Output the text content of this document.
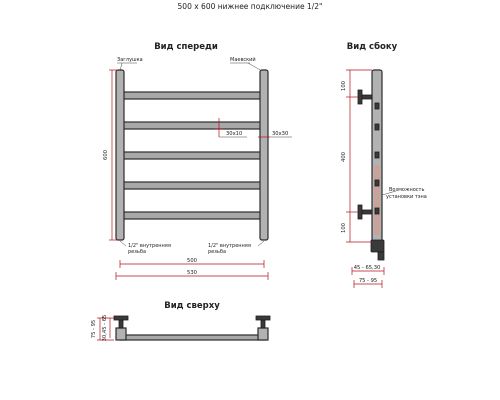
500 x 600 нижнее подключение 1/2"
Вид спереди
Заглушка	Маевский
600
30x10	30x30
1/2" внутренняя резьба
1/2" внутренняя резьба
500
530
Вид сбоку
100
400
100
Возможность
установки тэна
45 - 65,30
75 - 95
Вид сверху
75 - 95 30,45 - 65
